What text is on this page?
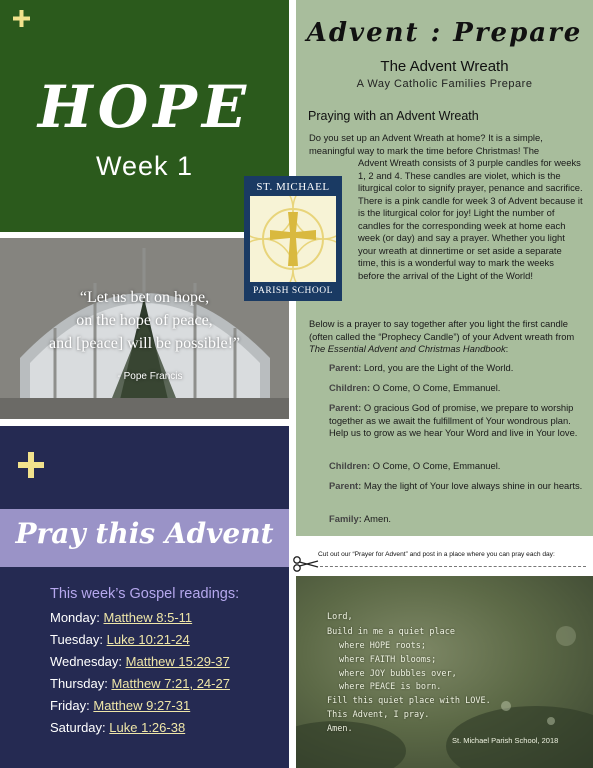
HOPE
Week 1
“Let us bet on hope,
on the hope of peace,
and [peace] will be possible!”
- Pope Francis
Pray this Advent
This week’s Gospel readings:
Monday: Matthew 8:5-11
Tuesday: Luke 10:21-24
Wednesday: Matthew 15:29-37
Thursday: Matthew 7:21, 24-27
Friday: Matthew 9:27-31
Saturday: Luke 1:26-38
Advent : Prepare
The Advent Wreath
A Way Catholic Families Prepare
Praying with an Advent Wreath
Do you set up an Advent Wreath at home? It is a simple, meaningful way to mark the time before Christmas! The
Advent Wreath consists of 3 purple candles for weeks 1, 2 and 4. These candles are violet, which is the liturgical color to signify prayer, penance and sacrifice. There is a pink candle for week 3 of Advent because it is the liturgical color for joy! Light the number of candles for the corresponding week at home each week (or day) and say a prayer. Whether you light your wreath at dinnertime or set aside a separate time, this is a wonderful way to mark the weeks before the arrival of the Light of the World!
Below is a prayer to say together after you light the first candle (often called the “Prophecy Candle”) of your Advent wreath from The Essential Advent and Christmas Handbook:
Parent: Lord, you are the Light of the World.
Children: O Come, O Come, Emmanuel.
Parent: O gracious God of promise, we prepare to worship together as we await the fulfillment of Your wondrous plan. Help us to grow as we hear Your Word and live in Your love.
Children: O Come, O Come, Emmanuel.
Parent: May the light of Your love always shine in our hearts.
Family: Amen.
ST. MICHAEL
PARISH SCHOOL
Cut out our “Prayer for Advent” and post in a place where you can pray each day:
Lord,
Build in me a quiet place
where HOPE roots;
where FAITH blooms;
where JOY bubbles over,
where PEACE is born.
Fill this quiet place with LOVE.
This Advent, I pray.
Amen.
St. Michael Parish School, 2018
